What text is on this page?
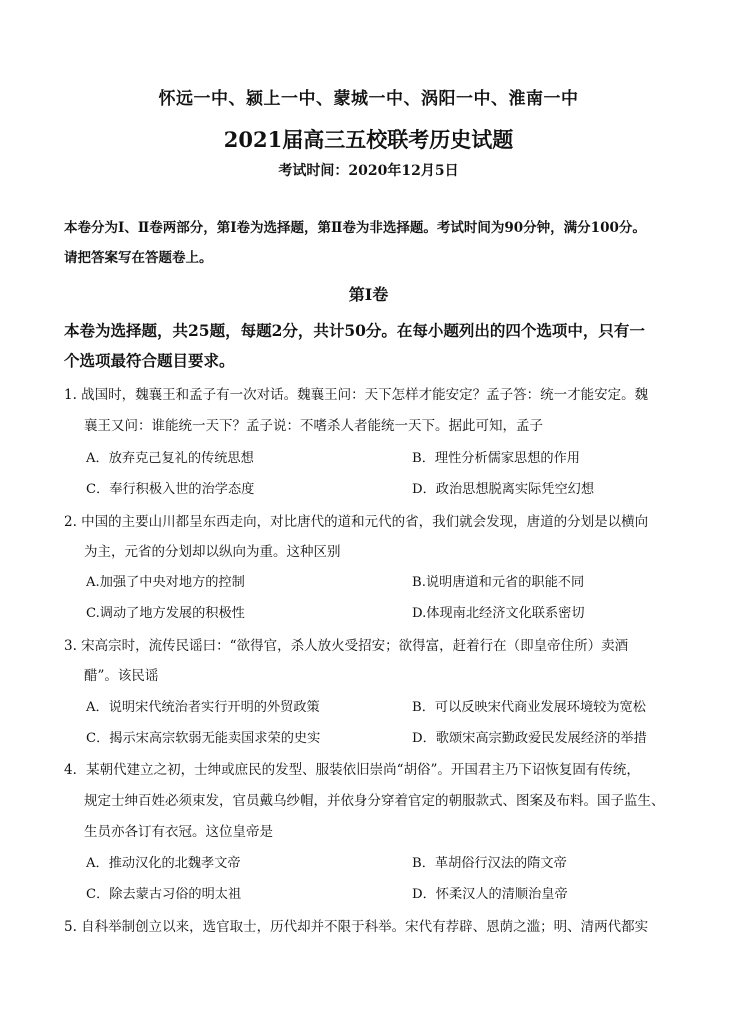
怀远一中、颍上一中、蒙城一中、涡阳一中、淮南一中
2021届高三五校联考历史试题
考试时间：2020年12月5日
本卷分为Ⅰ、Ⅱ卷两部分，第Ⅰ卷为选择题，第Ⅱ卷为非选择题。考试时间为90分钟，满分100分。
请把答案写在答题卷上。
第Ⅰ卷
本卷为选择题，共25题，每题2分，共计50分。在每小题列出的四个选项中，只有一
个选项最符合题目要求。
1. 战国时，魏襄王和孟子有一次对话。魏襄王问：天下怎样才能安定？孟子答：统一才能安定。魏
襄王又问：谁能统一天下？孟子说：不嗜杀人者能统一天下。据此可知，孟子
A．放弃克己复礼的传统思想	B．理性分析儒家思想的作用
C．奉行积极入世的治学态度	D．政治思想脱离实际凭空幻想
2. 中国的主要山川都呈东西走向，对比唐代的道和元代的省，我们就会发现，唐道的分划是以横向
为主，元省的分划却以纵向为重。这种区别
A.加强了中央对地方的控制	B.说明唐道和元省的职能不同
C.调动了地方发展的积极性	D.体现南北经济文化联系密切
3. 宋高宗时，流传民谣曰：“欲得官，杀人放火受招安；欲得富，赶着行在（即皇帝住所）卖酒
醋”。该民谣
A．说明宋代统治者实行开明的外贸政策	B．可以反映宋代商业发展环境较为宽松
C．揭示宋高宗软弱无能卖国求荣的史实	D．歌颂宋高宗勤政爱民发展经济的举措
4．某朝代建立之初，士绅或庶民的发型、服装依旧崇尚“胡俗”。开国君主乃下诏恢复固有传统，
规定士绅百姓必须束发，官员戴乌纱帽，并依身分穿着官定的朝服款式、图案及布料。国子监生、
生员亦各订有衣冠。这位皇帝是
A．推动汉化的北魏孝文帝	B．革胡俗行汉法的隋文帝
C．除去蒙古习俗的明太祖	D．怀柔汉人的清顺治皇帝
5. 自科举制创立以来，选官取士，历代却并不限于科举。宋代有荐辟、恩荫之滥；明、清两代都实
